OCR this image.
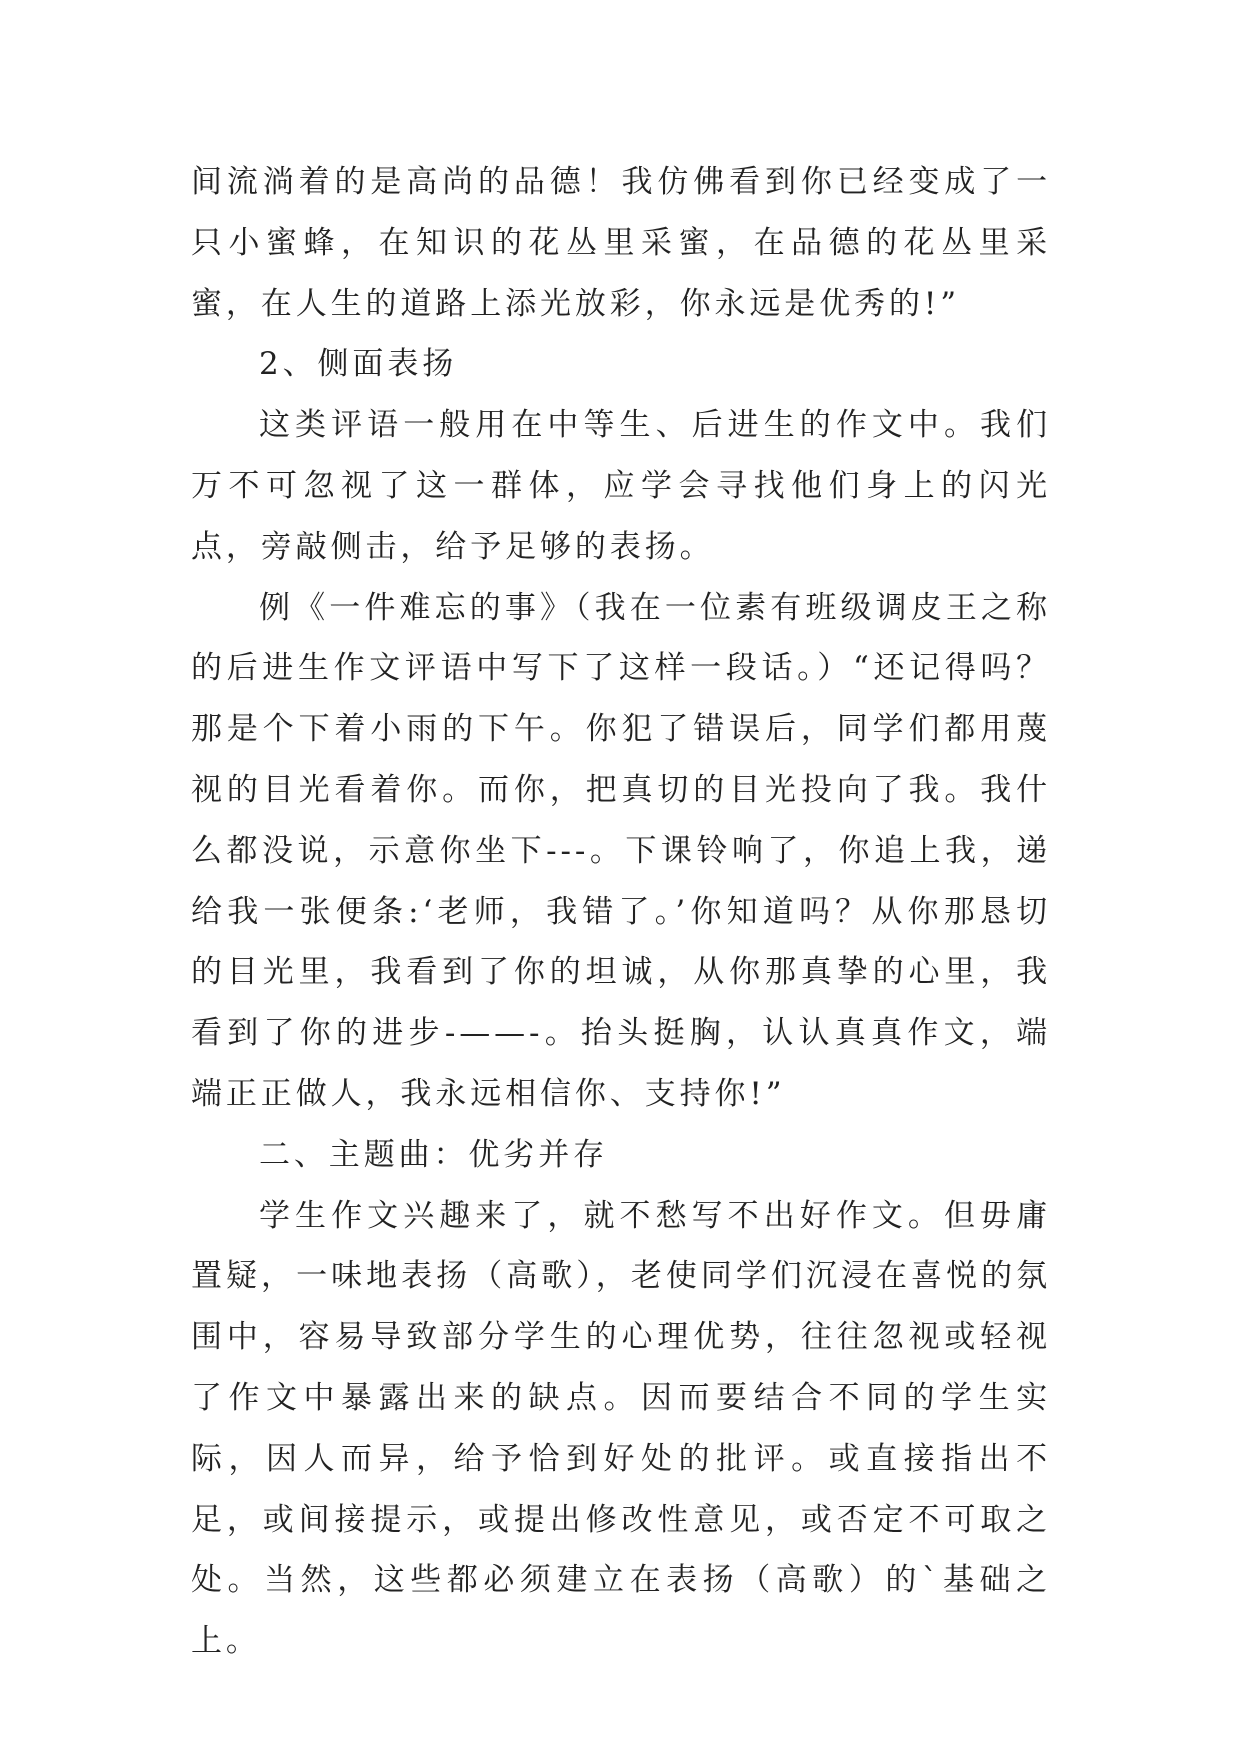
间流淌着的是高尚的品德！我仿佛看到你已经变成了一只小蜜蜂，在知识的花丛里采蜜，在品德的花丛里采蜜，在人生的道路上添光放彩，你永远是优秀的!”

2、侧面表扬

这类评语一般用在中等生、后进生的作文中。我们万不可忽视了这一群体，应学会寻找他们身上的闪光点，旁敲侧击，给予足够的表扬。

例《一件难忘的事》（我在一位素有班级调皮王之称的后进生作文评语中写下了这样一段话。）“还记得吗？那是个下着小雨的下午。你犯了错误后，同学们都用蔑视的目光看着你。而你，把真切的目光投向了我。我什么都没说，示意你坐下---。下课铃响了，你追上我，递给我一张便条:‘老师，我错了。’你知道吗？从你那恳切的目光里，我看到了你的坦诚，从你那真挚的心里，我看到了你的进步-——-。抬头挺胸，认认真真作文，端端正正做人，我永远相信你、支持你!”

二、主题曲：优劣并存

学生作文兴趣来了，就不愁写不出好作文。但毋庸置疑，一味地表扬（高歌），老使同学们沉浸在喜悦的氛围中，容易导致部分学生的心理优势，往往忽视或轻视了作文中暴露出来的缺点。因而要结合不同的学生实际，因人而异，给予恰到好处的批评。或直接指出不足，或间接提示，或提出修改性意见，或否定不可取之处。当然，这些都必须建立在表扬（高歌）的`基础之上。
